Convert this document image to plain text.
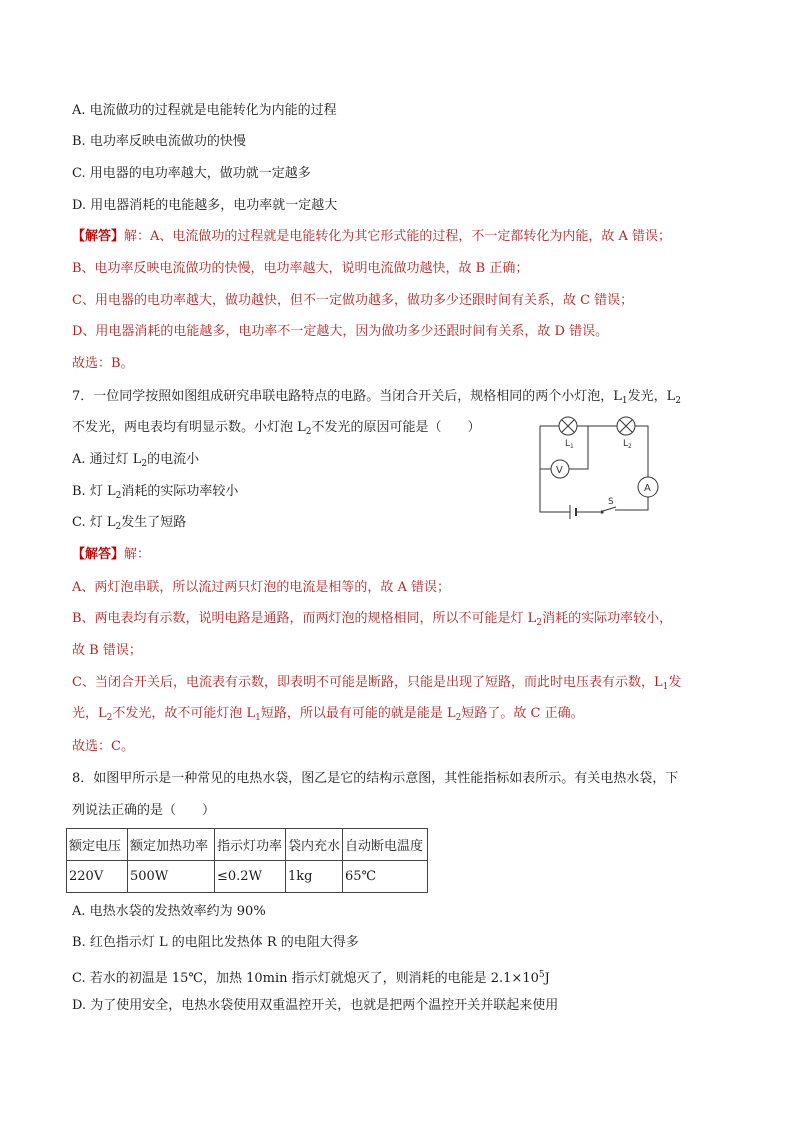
A. 电流做功的过程就是电能转化为内能的过程
B. 电功率反映电流做功的快慢
C. 用电器的电功率越大，做功就一定越多
D. 用电器消耗的电能越多，电功率就一定越大
【解答】解：A、电流做功的过程就是电能转化为其它形式能的过程，不一定都转化为内能，故 A 错误；
B、电功率反映电流做功的快慢，电功率越大，说明电流做功越快，故 B 正确；
C、用电器的电功率越大，做功越快，但不一定做功越多，做功多少还跟时间有关系，故 C 错误；
D、用电器消耗的电能越多，电功率不一定越大，因为做功多少还跟时间有关系，故 D 错误。
故选：B。
7．一位同学按照如图组成研究串联电路特点的电路。当闭合开关后，规格相同的两个小灯泡，$L_1$发光，$L_2$
不发光，两电表均有明显示数。小灯泡 $L_2$不发光的原因可能是（　　）
A. 通过灯 $L_2$的电流小
B. 灯 $L_2$消耗的实际功率较小
C. 灯 $L_2$发生了短路
$L_1$	$L_2$
V
A
S
【解答】解：
A、两灯泡串联，所以流过两只灯泡的电流是相等的，故 A 错误；
B、两电表均有示数，说明电路是通路，而两灯泡的规格相同，所以不可能是灯 $L_2$消耗的实际功率较小，
故 B 错误；
C、当闭合开关后，电流表有示数，即表明不可能是断路，只能是出现了短路，而此时电压表有示数，$L_1$发
光，$L_2$不发光，故不可能灯泡 $L_1$短路，所以最有可能的就是能是 $L_2$短路了。故 C 正确。
故选：C。
8．如图甲所示是一种常见的电热水袋，图乙是它的结构示意图，其性能指标如表所示。有关电热水袋，下
列说法正确的是（　　）
额定电压	额定加热功率	指示灯功率	袋内充水	自动断电温度
220V	500W	≤0.2W	1kg	65℃
A. 电热水袋的发热效率约为 90%
B. 红色指示灯 L 的电阻比发热体 R 的电阻大得多
C. 若水的初温是 15℃，加热 10min 指示灯就熄灭了，则消耗的电能是 $2.1\times 10^5J$
D. 为了使用安全，电热水袋使用双重温控开关，也就是把两个温控开关并联起来使用
